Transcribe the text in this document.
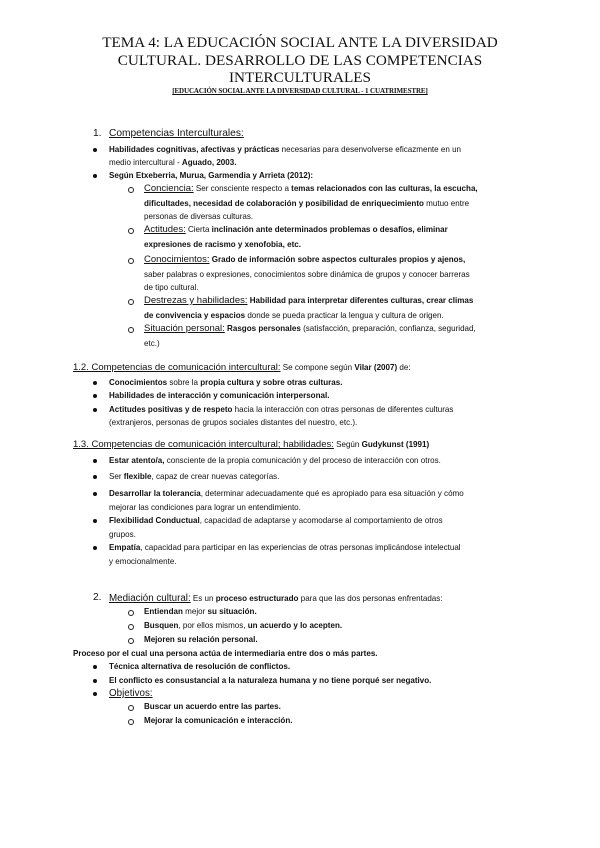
TEMA 4: LA EDUCACIÓN SOCIAL ANTE LA DIVERSIDAD
CULTURAL. DESARROLLO DE LAS COMPETENCIAS
INTERCULTURALES
[EDUCACIÓN SOCIAL ANTE LA DIVERSIDAD CULTURAL - 1 CUATRIMESTRE]
1. Competencias Interculturales:
Habilidades cognitivas, afectivas y prácticas necesarias para desenvolverse eficazmente en un
medio intercultural - Aguado, 2003.
Según Etxeberria, Murua, Garmendia y Arrieta (2012):
Conciencia: Ser consciente respecto a temas relacionados con las culturas, la escucha,
dificultades, necesidad de colaboración y posibilidad de enriquecimiento mutuo entre
personas de diversas culturas.
Actitudes: Cierta inclinación ante determinados problemas o desafíos, eliminar
expresiones de racismo y xenofobia, etc.
Conocimientos: Grado de información sobre aspectos culturales propios y ajenos,
saber palabras o expresiones, conocimientos sobre dinámica de grupos y conocer barreras
de tipo cultural.
Destrezas y habilidades: Habilidad para interpretar diferentes culturas, crear climas
de convivencia y espacios donde se pueda practicar la lengua y cultura de origen.
Situación personal: Rasgos personales (satisfacción, preparación, confianza, seguridad,
etc.)
1.2. Competencias de comunicación intercultural: Se compone según Vilar (2007) de:
Conocimientos sobre la propia cultura y sobre otras culturas.
Habilidades de interacción y comunicación interpersonal.
Actitudes positivas y de respeto hacia la interacción con otras personas de diferentes culturas
(extranjeros, personas de grupos sociales distantes del nuestro, etc.).
1.3. Competencias de comunicación intercultural; habilidades: Según Gudykunst (1991)
Estar atento/a, consciente de la propia comunicación y del proceso de interacción con otros.
Ser flexible, capaz de crear nuevas categorías.
Desarrollar la tolerancia, determinar adecuadamente qué es apropiado para esa situación y cómo
mejorar las condiciones para lograr un entendimiento.
Flexibilidad Conductual, capacidad de adaptarse y acomodarse al comportamiento de otros
grupos.
Empatía, capacidad para participar en las experiencias de otras personas implicándose intelectual
y emocionalmente.
2. Mediación cultural: Es un proceso estructurado para que las dos personas enfrentadas:
Entiendan mejor su situación.
Busquen, por ellos mismos, un acuerdo y lo acepten.
Mejoren su relación personal.
Proceso por el cual una persona actúa de intermediaria entre dos o más partes.
Técnica alternativa de resolución de conflictos.
El conflicto es consustancial a la naturaleza humana y no tiene porqué ser negativo.
Objetivos:
Buscar un acuerdo entre las partes.
Mejorar la comunicación e interacción.
